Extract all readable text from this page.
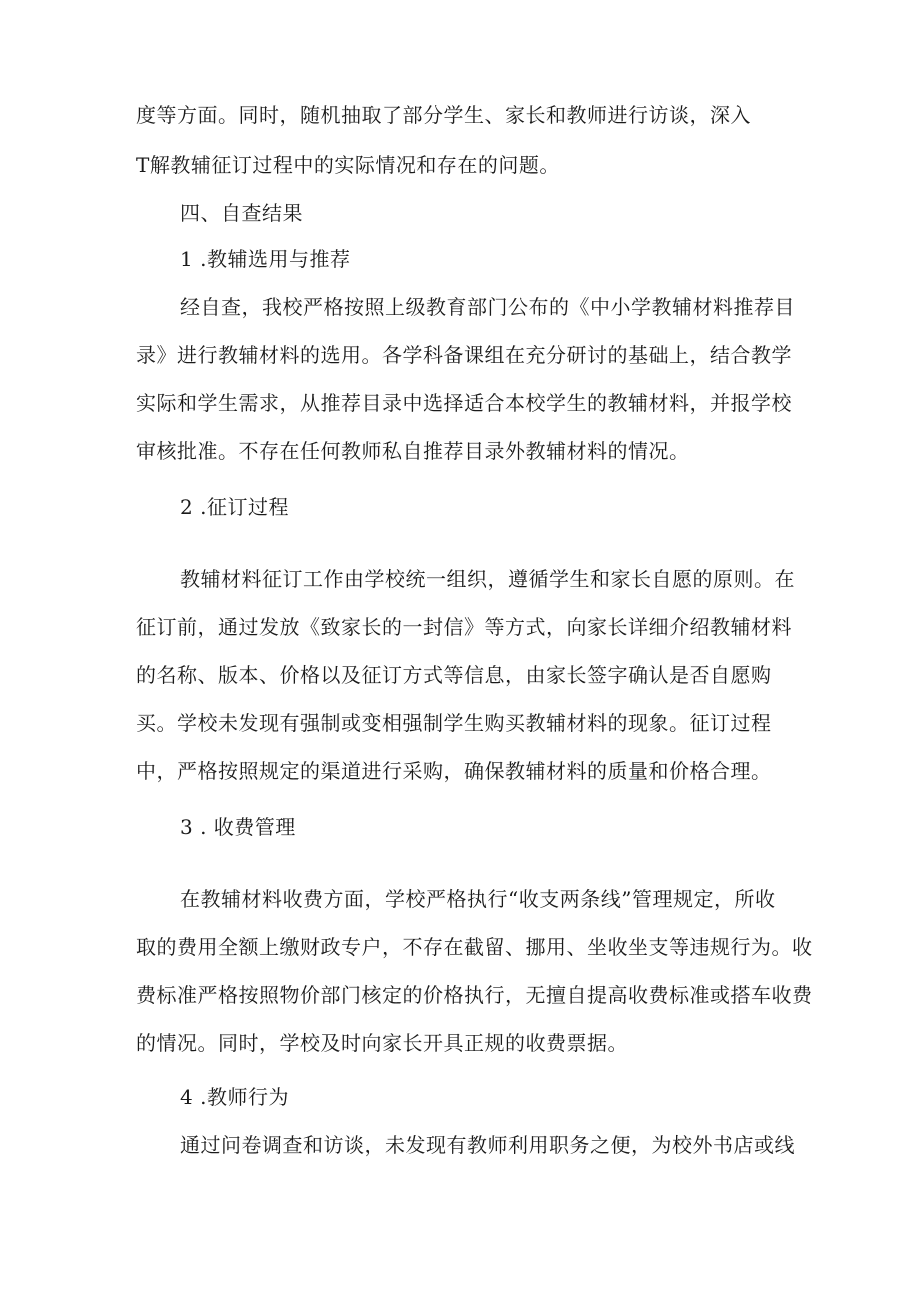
度等方面。同时，随机抽取了部分学生、家长和教师进行访谈，深入
T解教辅征订过程中的实际情况和存在的问题。
四、自查结果
1 .教辅选用与推荐
经自查，我校严格按照上级教育部门公布的《中小学教辅材料推荐目
录》进行教辅材料的选用。各学科备课组在充分研讨的基础上，结合教学
实际和学生需求，从推荐目录中选择适合本校学生的教辅材料，并报学校
审核批准。不存在任何教师私自推荐目录外教辅材料的情况。
2 .征订过程
教辅材料征订工作由学校统一组织，遵循学生和家长自愿的原则。在
征订前，通过发放《致家长的一封信》等方式，向家长详细介绍教辅材料
的名称、版本、价格以及征订方式等信息，由家长签字确认是否自愿购
买。学校未发现有强制或变相强制学生购买教辅材料的现象。征订过程
中，严格按照规定的渠道进行采购，确保教辅材料的质量和价格合理。
3 . 收费管理
在教辅材料收费方面，学校严格执行“收支两条线”管理规定，所收
取的费用全额上缴财政专户，不存在截留、挪用、坐收坐支等违规行为。收
费标准严格按照物价部门核定的价格执行，无擅自提高收费标准或搭车收费
的情况。同时，学校及时向家长开具正规的收费票据。
4 .教师行为
通过问卷调查和访谈，未发现有教师利用职务之便，为校外书店或线
